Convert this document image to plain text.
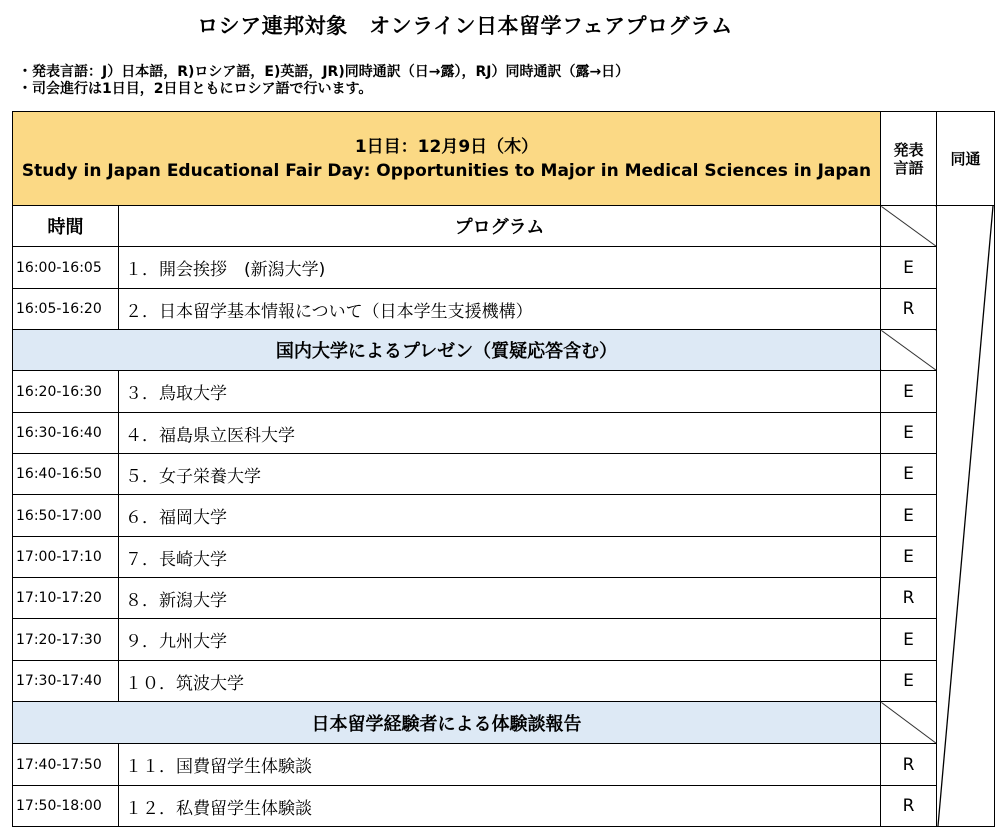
ロシア連邦対象　オンライン日本留学フェアプログラム
・発表言語：J）日本語，R)ロシア語，E)英語，JR)同時通訳（日→露），RJ）同時通訳（露→日）
・司会進行は1日目，2日目ともにロシア語で行います。
1日目：12月9日（木）
Study in Japan Educational Fair Day: Opportunities to Major in Medical Sciences in Japan		発表言語	同通
時間	プログラム		
16:00-16:05	１．開会挨拶　(新潟大学)	E	
16:05-16:20	２．日本留学基本情報について（日本学生支援機構）	R	
国内大学によるプレゼン（質疑応答含む）			
16:20-16:30	３．鳥取大学	E	
16:30-16:40	４．福島県立医科大学	E	
16:40-16:50	５．女子栄養大学	E	
16:50-17:00	６．福岡大学	E	
17:00-17:10	７．長崎大学	E	
17:10-17:20	８．新潟大学	R	
17:20-17:30	９．九州大学	E	
17:30-17:40	１０．筑波大学	E	
日本留学経験者による体験談報告			
17:40-17:50	１１．国費留学生体験談	R	
17:50-18:00	１２．私費留学生体験談	R	
